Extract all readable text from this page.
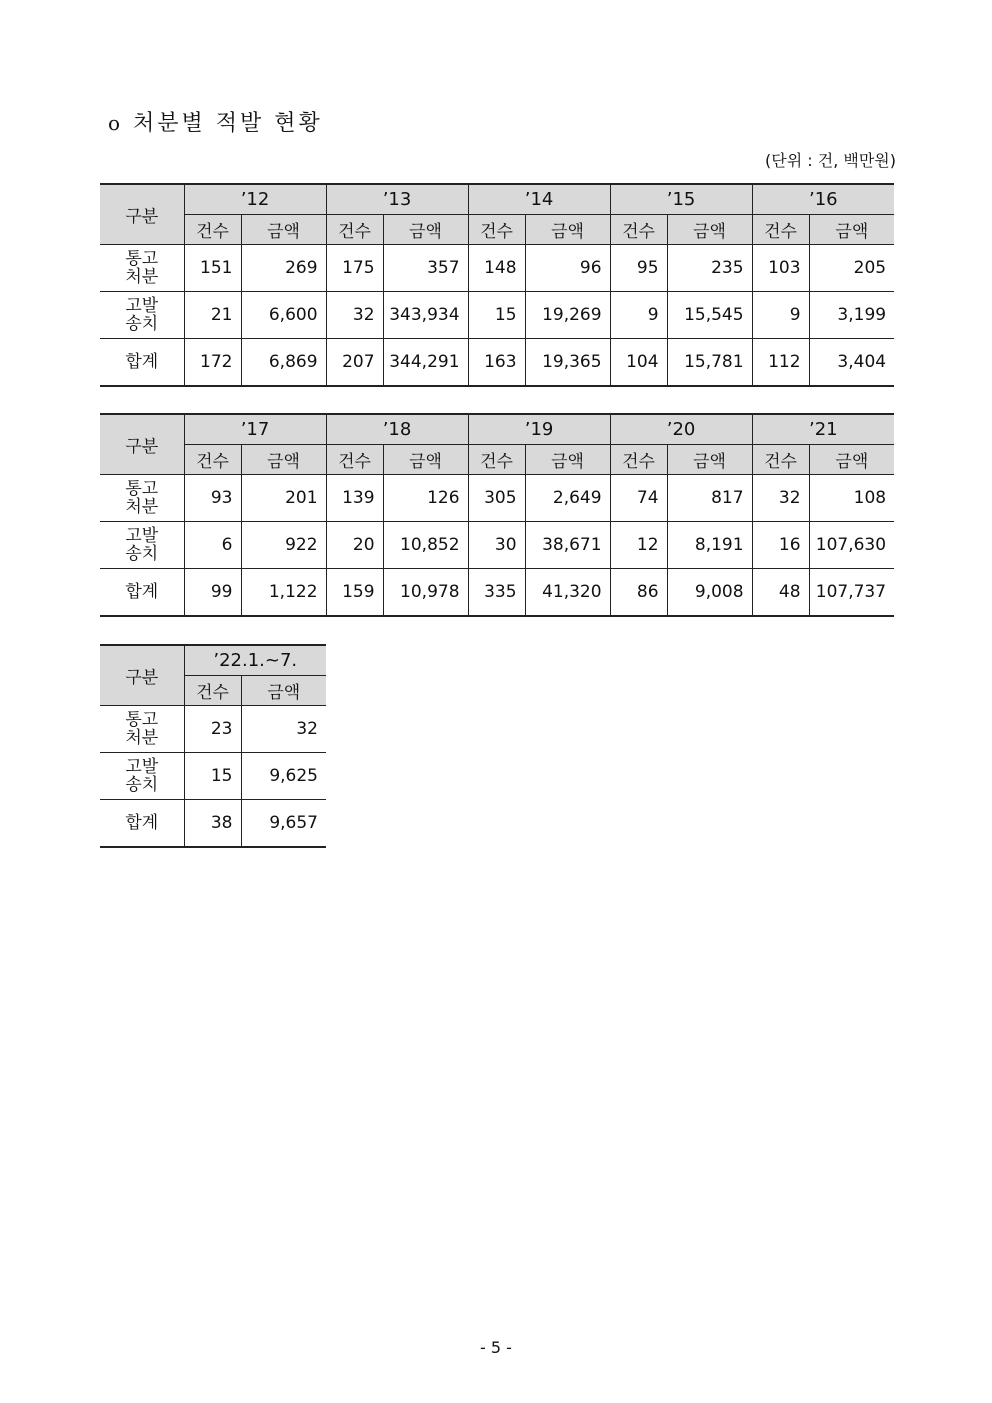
o 처분별 적발 현황
(단위 : 건, 백만원)
구분	’12		’13		’14		’15		’16	
	건수	금액	건수	금액	건수	금액	건수	금액	건수	금액

통고
처분	151	269	175	357	148	96	95	235	103	205

고발
송치	21	6,600	32	343,934	15	19,269	9	15,545	9	3,199

합계	172	6,869	207	344,291	163	19,365	104	15,781	112	3,404
구분	’17		’18		’19		’20		’21	
	건수	금액	건수	금액	건수	금액	건수	금액	건수	금액

통고
처분	93	201	139	126	305	2,649	74	817	32	108

고발
송치	6	922	20	10,852	30	38,671	12	8,191	16	107,630

합계	99	1,122	159	10,978	335	41,320	86	9,008	48	107,737
구분	’22.1.~7.	
	건수	금액

통고
처분	23	32

고발
송치	15	9,625

합계	38	9,657
- 5 -
